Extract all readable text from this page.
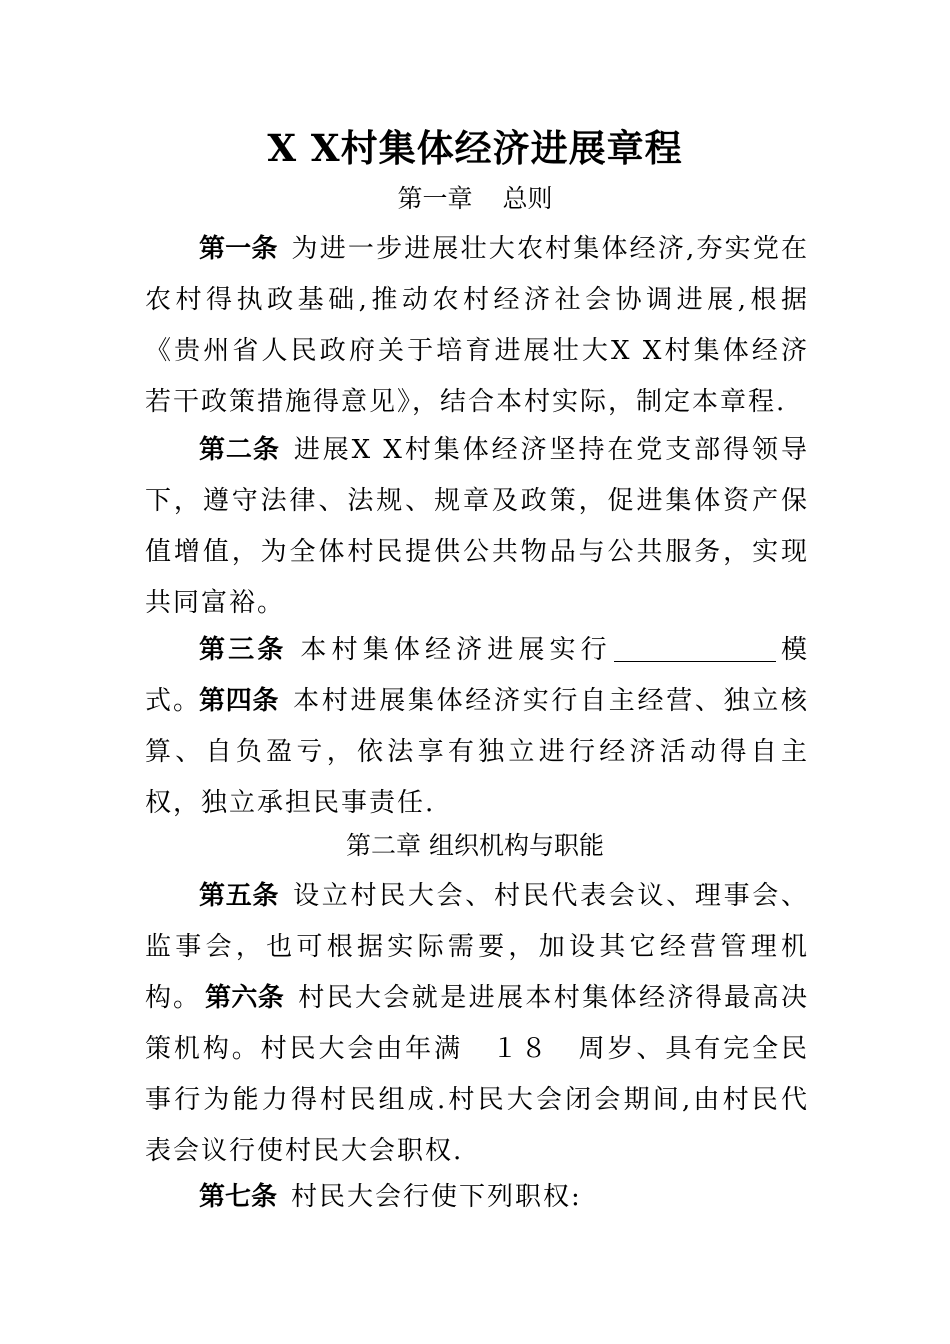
X X村集体经济进展章程
第一章 总则

第一条 为进一步进展壮大农村集体经济,夯实党在农村得执政基础,推动农村经济社会协调进展,根据《贵州省人民政府关于培育进展壮大X X村集体经济若干政策措施得意见》，结合本村实际，制定本章程.

第二条 进展X X村集体经济坚持在党支部得领导下，遵守法律、法规、规章及政策，促进集体资产保值增值，为全体村民提供公共物品与公共服务，实现共同富裕。

第三条 本村集体经济进展实行	模式。

第四条 本村进展集体经济实行自主经营、独立核算、自负盈亏，依法享有独立进行经济活动得自主权，独立承担民事责任.

第二章 组织机构与职能

第五条 设立村民大会、村民代表会议、理事会、监事会，也可根据实际需要，加设其它经营管理机构。 第六条 村民大会就是进展本村集体经济得最高决策机构。村民大会由年满　１８　周岁、具有完全民事行为能力得村民组成.村民大会闭会期间,由村民代表会议行使村民大会职权.

第七条 村民大会行使下列职权:
